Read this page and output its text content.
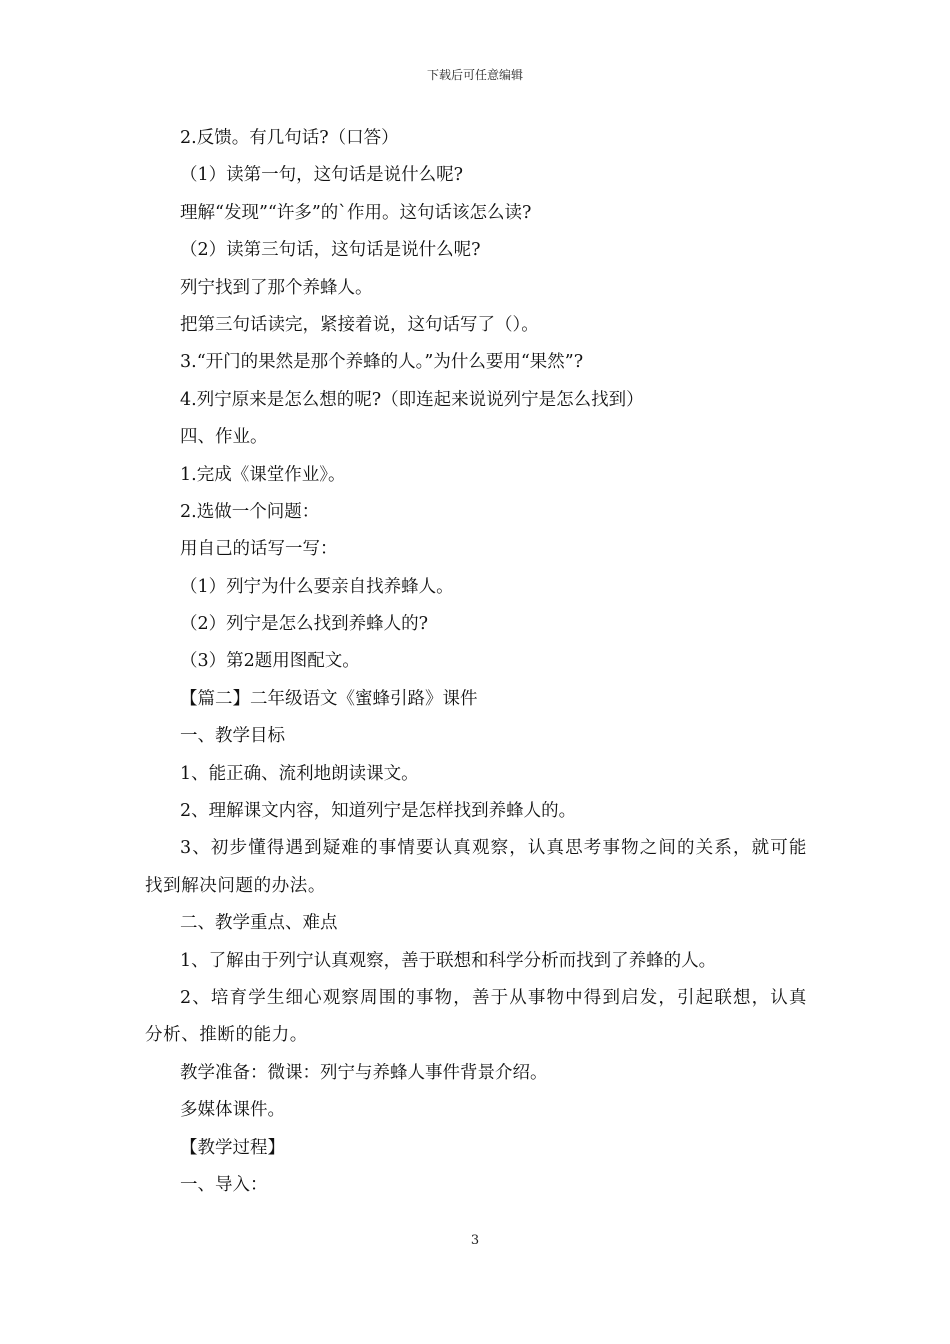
下载后可任意编辑

2.反馈。有几句话?（口答）

（1）读第一句，这句话是说什么呢?

理解“发现”“许多”的`作用。这句话该怎么读?

（2）读第三句话，这句话是说什么呢?

列宁找到了那个养蜂人。

把第三句话读完，紧接着说，这句话写了（）。

3.“开门的果然是那个养蜂的人。”为什么要用“果然”?

4.列宁原来是怎么想的呢?（即连起来说说列宁是怎么找到）

四、作业。

1.完成《课堂作业》。

2.选做一个问题：

用自己的话写一写：

（1）列宁为什么要亲自找养蜂人。

（2）列宁是怎么找到养蜂人的?

（3）第2题用图配文。

【篇二】二年级语文《蜜蜂引路》课件

一、教学目标

1、能正确、流利地朗读课文。

2、理解课文内容，知道列宁是怎样找到养蜂人的。

3、初步懂得遇到疑难的事情要认真观察，认真思考事物之间的关系，就可能找到解决问题的办法。

二、教学重点、难点

1、了解由于列宁认真观察，善于联想和科学分析而找到了养蜂的人。

2、培育学生细心观察周围的事物，善于从事物中得到启发，引起联想，认真分析、推断的能力。

教学准备：微课：列宁与养蜂人事件背景介绍。

多媒体课件。

【教学过程】

一、导入：

3
